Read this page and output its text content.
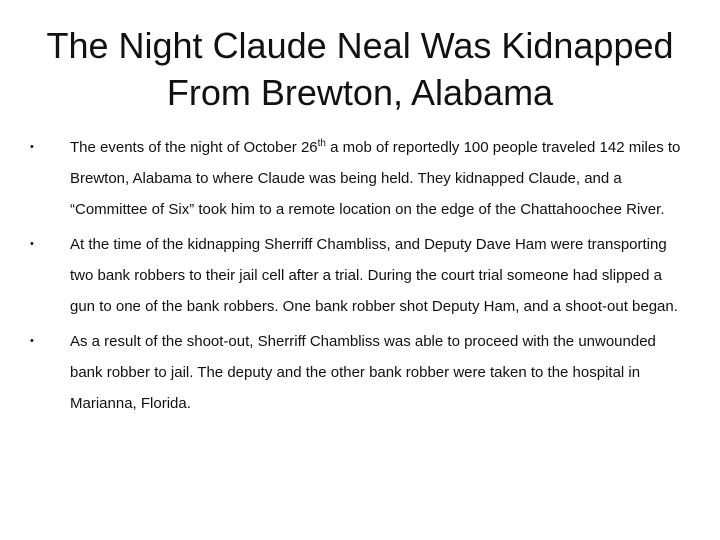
The Night Claude Neal Was Kidnapped
From Brewton, Alabama
• The events of the night of October 26th a mob of reportedly 100 people traveled 142 miles to Brewton, Alabama to where Claude was being held. They kidnapped Claude, and a “Committee of Six” took him to a remote location on the edge of the Chattahoochee River.
• At the time of the kidnapping Sherriff Chambliss, and Deputy Dave Ham were transporting two bank robbers to their jail cell after a trial. During the court trial someone had slipped a gun to one of the bank robbers. One bank robber shot Deputy Ham, and a shoot-out began.
• As a result of the shoot-out, Sherriff Chambliss was able to proceed with the unwounded bank robber to jail. The deputy and the other bank robber were taken to the hospital in Marianna, Florida.
